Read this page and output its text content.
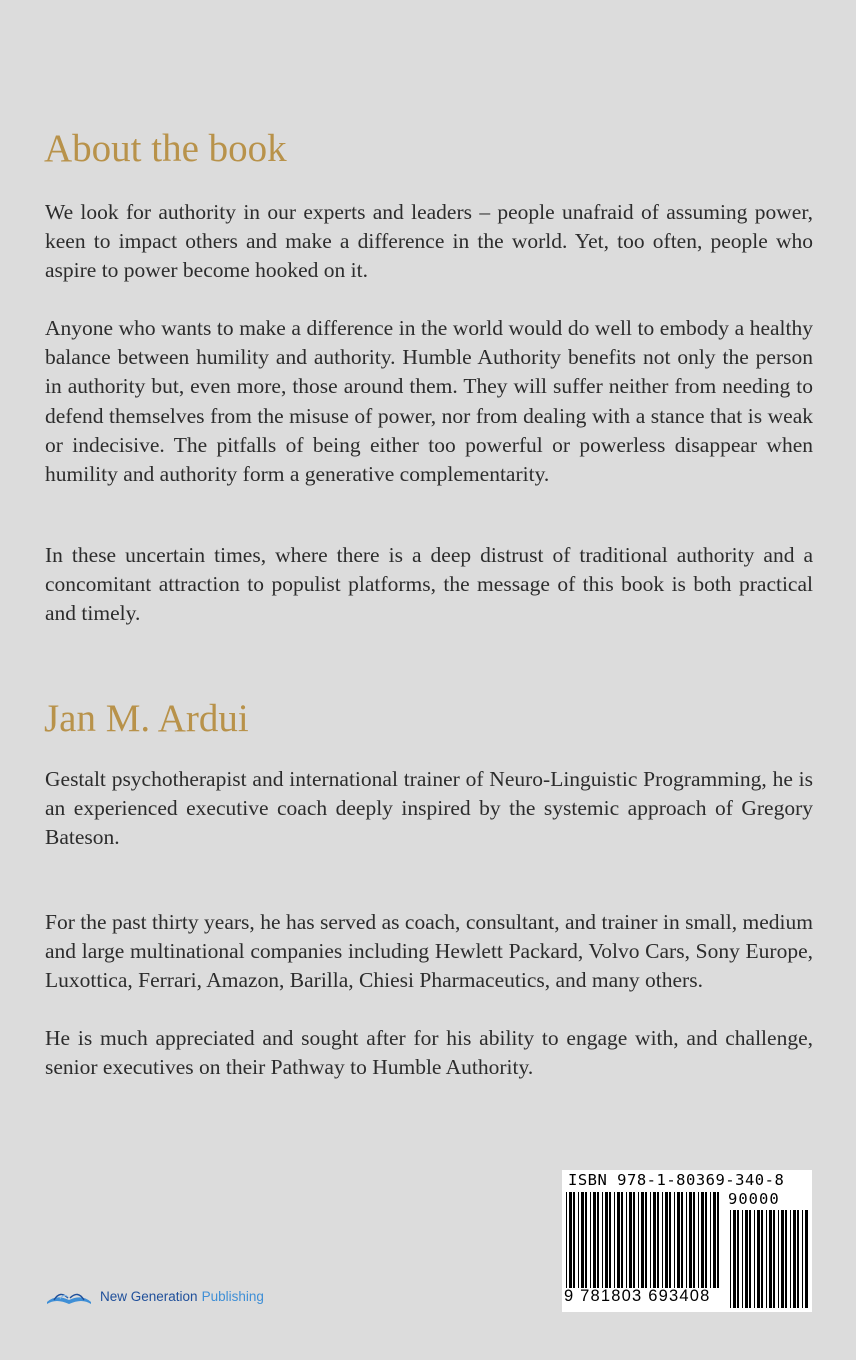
About the book

We look for authority in our experts and leaders – people unafraid of assuming power, keen to impact others and make a difference in the world. Yet, too often, people who aspire to power become hooked on it.

Anyone who wants to make a difference in the world would do well to embody a healthy balance between humility and authority. Humble Authority benefits not only the person in authority but, even more, those around them. They will suffer neither from needing to defend themselves from the misuse of power, nor from dealing with a stance that is weak or indecisive. The pitfalls of being either too powerful or powerless disappear when humility and authority form a generative complementarity.

In these uncertain times, where there is a deep distrust of traditional authority and a concomitant attraction to populist platforms, the message of this book is both practical and timely.

Jan M. Ardui

Gestalt psychotherapist and international trainer of Neuro-Linguistic Programming, he is an experienced executive coach deeply inspired by the systemic approach of Gregory Bateson.

For the past thirty years, he has served as coach, consultant, and trainer in small, medium and large multinational companies including Hewlett Packard, Volvo Cars, Sony Europe, Luxottica, Ferrari, Amazon, Barilla, Chiesi Pharmaceutics, and many others.

He is much appreciated and sought after for his ability to engage with, and challenge, senior executives on their Pathway to Humble Authority.

New Generation Publishing
ISBN 978-1-80369-340-8
90000
9 781803 693408
